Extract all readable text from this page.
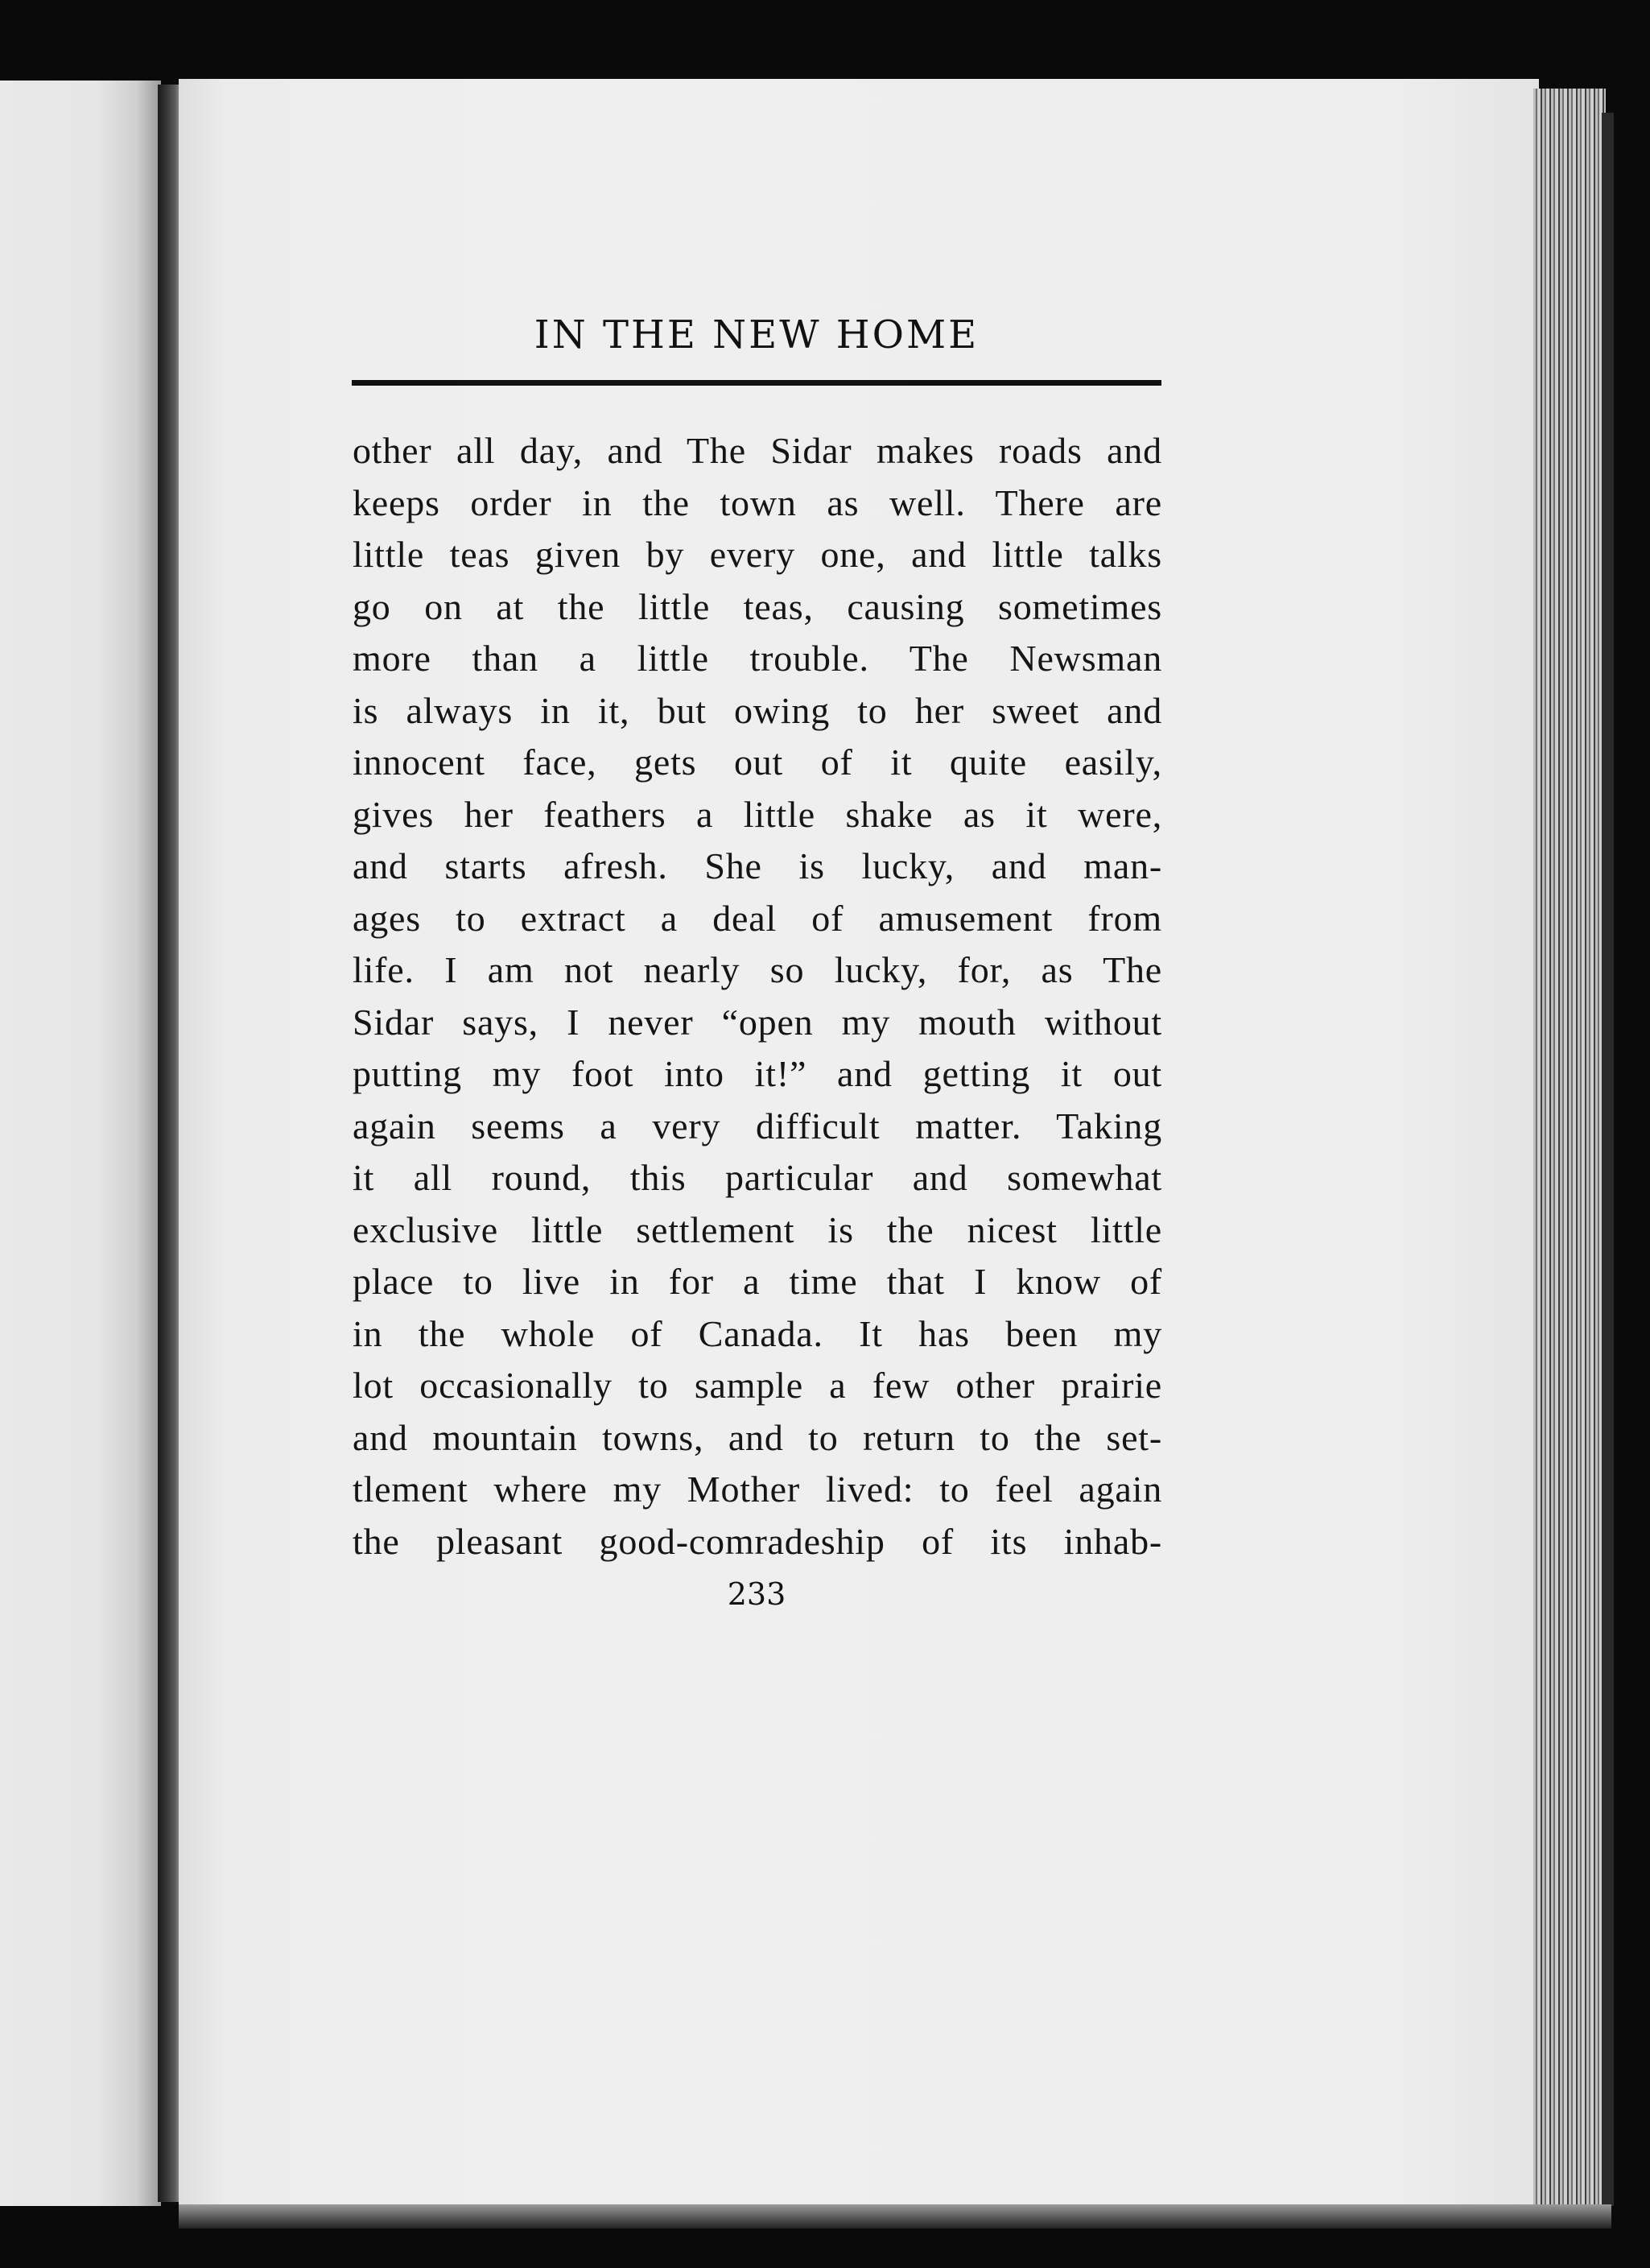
IN THE NEW HOME
other all day, and The Sidar makes roads and
keeps order in the town as well. There are
little teas given by every one, and little talks
go on at the little teas, causing sometimes
more than a little trouble. The Newsman
is always in it, but owing to her sweet and
innocent face, gets out of it quite easily,
gives her feathers a little shake as it were,
and starts afresh. She is lucky, and man-
ages to extract a deal of amusement from
life. I am not nearly so lucky, for, as The
Sidar says, I never “open my mouth without
putting my foot into it!” and getting it out
again seems a very difficult matter. Taking
it all round, this particular and somewhat
exclusive little settlement is the nicest little
place to live in for a time that I know of
in the whole of Canada. It has been my
lot occasionally to sample a few other prairie
and mountain towns, and to return to the set-
tlement where my Mother lived: to feel again
the pleasant good-comradeship of its inhab-
233
